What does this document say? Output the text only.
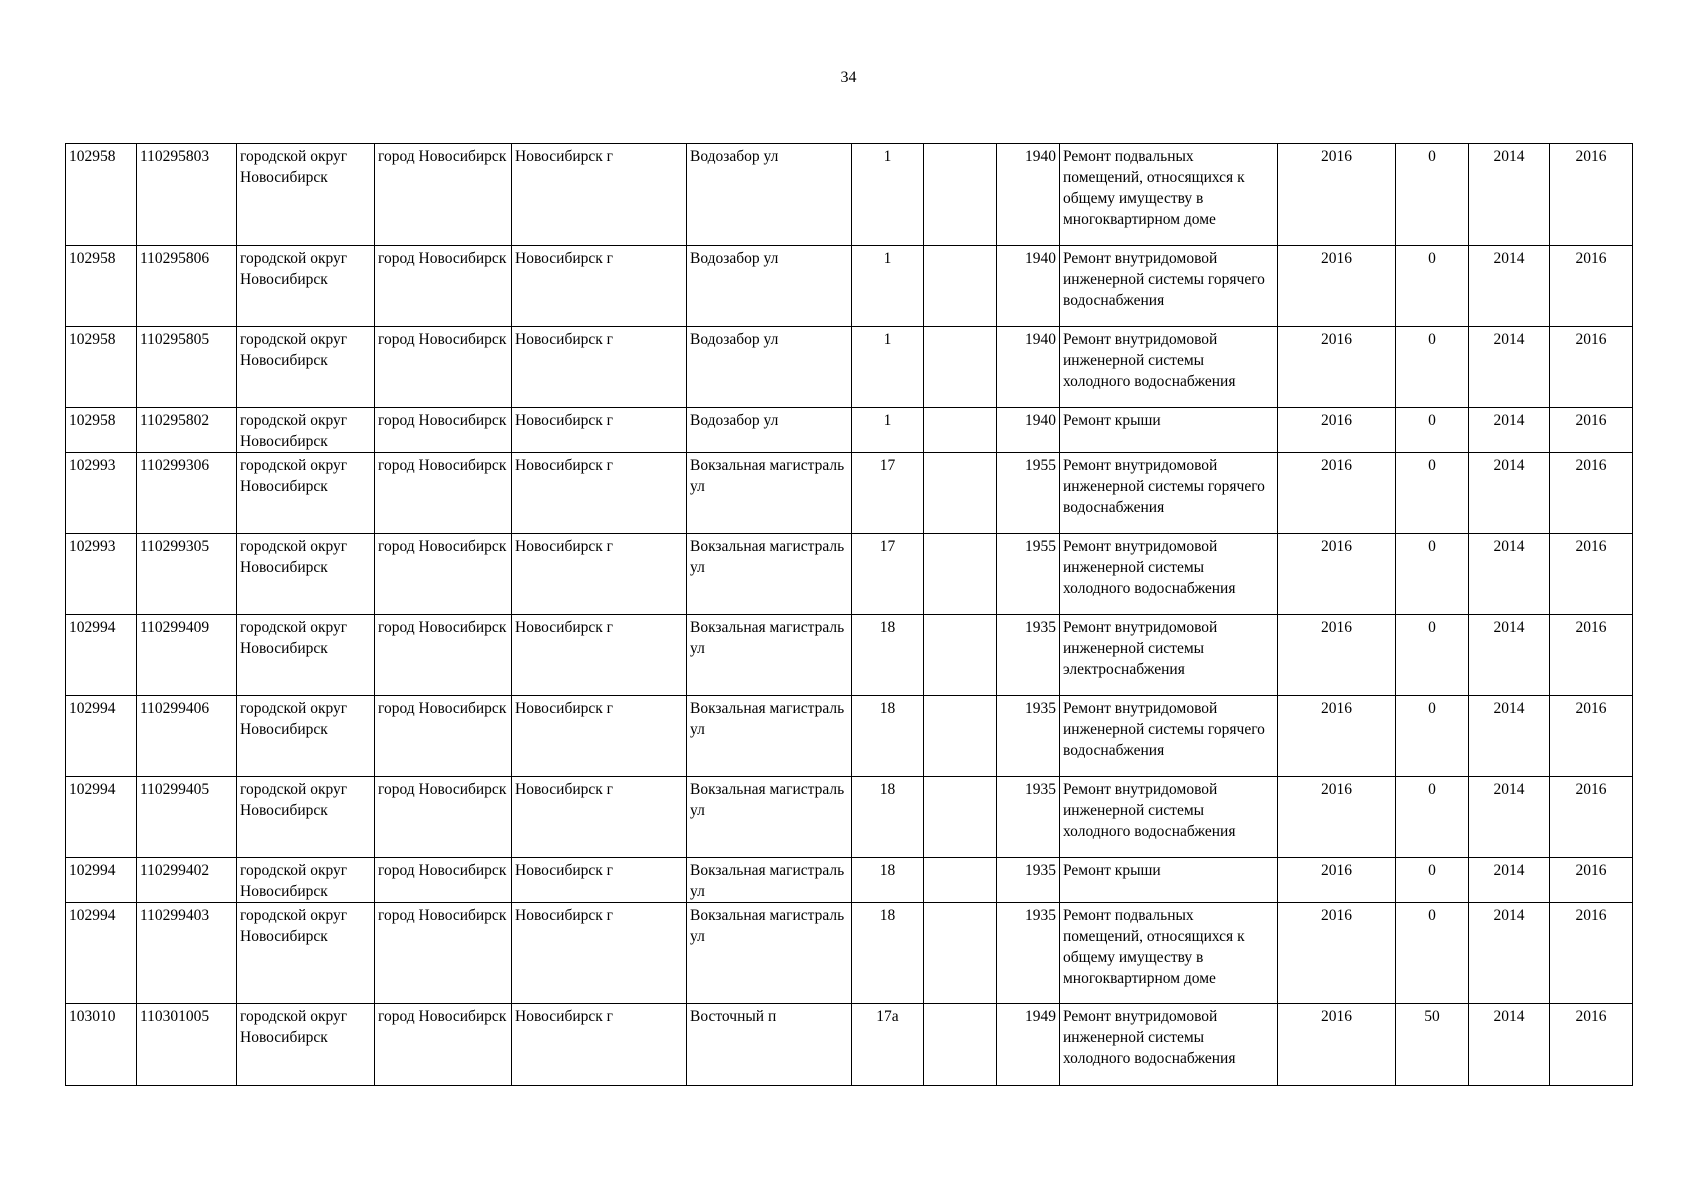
34
102958	110295803	городской округ Новосибирск	город Новосибирск	Новосибирск г	Водозабор ул	1		1940	Ремонт подвальных помещений, относящихся к общему имуществу в многоквартирном доме	2016	0	2014	2016
102958	110295806	городской округ Новосибирск	город Новосибирск	Новосибирск г	Водозабор ул	1		1940	Ремонт внутридомовой инженерной системы горячего водоснабжения	2016	0	2014	2016
102958	110295805	городской округ Новосибирск	город Новосибирск	Новосибирск г	Водозабор ул	1		1940	Ремонт внутридомовой инженерной системы холодного водоснабжения	2016	0	2014	2016
102958	110295802	городской округ Новосибирск	город Новосибирск	Новосибирск г	Водозабор ул	1		1940	Ремонт крыши	2016	0	2014	2016
102993	110299306	городской округ Новосибирск	город Новосибирск	Новосибирск г	Вокзальная магистраль ул	17		1955	Ремонт внутридомовой инженерной системы горячего водоснабжения	2016	0	2014	2016
102993	110299305	городской округ Новосибирск	город Новосибирск	Новосибирск г	Вокзальная магистраль ул	17		1955	Ремонт внутридомовой инженерной системы холодного водоснабжения	2016	0	2014	2016
102994	110299409	городской округ Новосибирск	город Новосибирск	Новосибирск г	Вокзальная магистраль ул	18		1935	Ремонт внутридомовой инженерной системы электроснабжения	2016	0	2014	2016
102994	110299406	городской округ Новосибирск	город Новосибирск	Новосибирск г	Вокзальная магистраль ул	18		1935	Ремонт внутридомовой инженерной системы горячего водоснабжения	2016	0	2014	2016
102994	110299405	городской округ Новосибирск	город Новосибирск	Новосибирск г	Вокзальная магистраль ул	18		1935	Ремонт внутридомовой инженерной системы холодного водоснабжения	2016	0	2014	2016
102994	110299402	городской округ Новосибирск	город Новосибирск	Новосибирск г	Вокзальная магистраль ул	18		1935	Ремонт крыши	2016	0	2014	2016
102994	110299403	городской округ Новосибирск	город Новосибирск	Новосибирск г	Вокзальная магистраль ул	18		1935	Ремонт подвальных помещений, относящихся к общему имуществу в многоквартирном доме	2016	0	2014	2016
103010	110301005	городской округ Новосибирск	город Новосибирск	Новосибирск г	Восточный п	17а		1949	Ремонт внутридомовой инженерной системы холодного водоснабжения	2016	50	2014	2016
